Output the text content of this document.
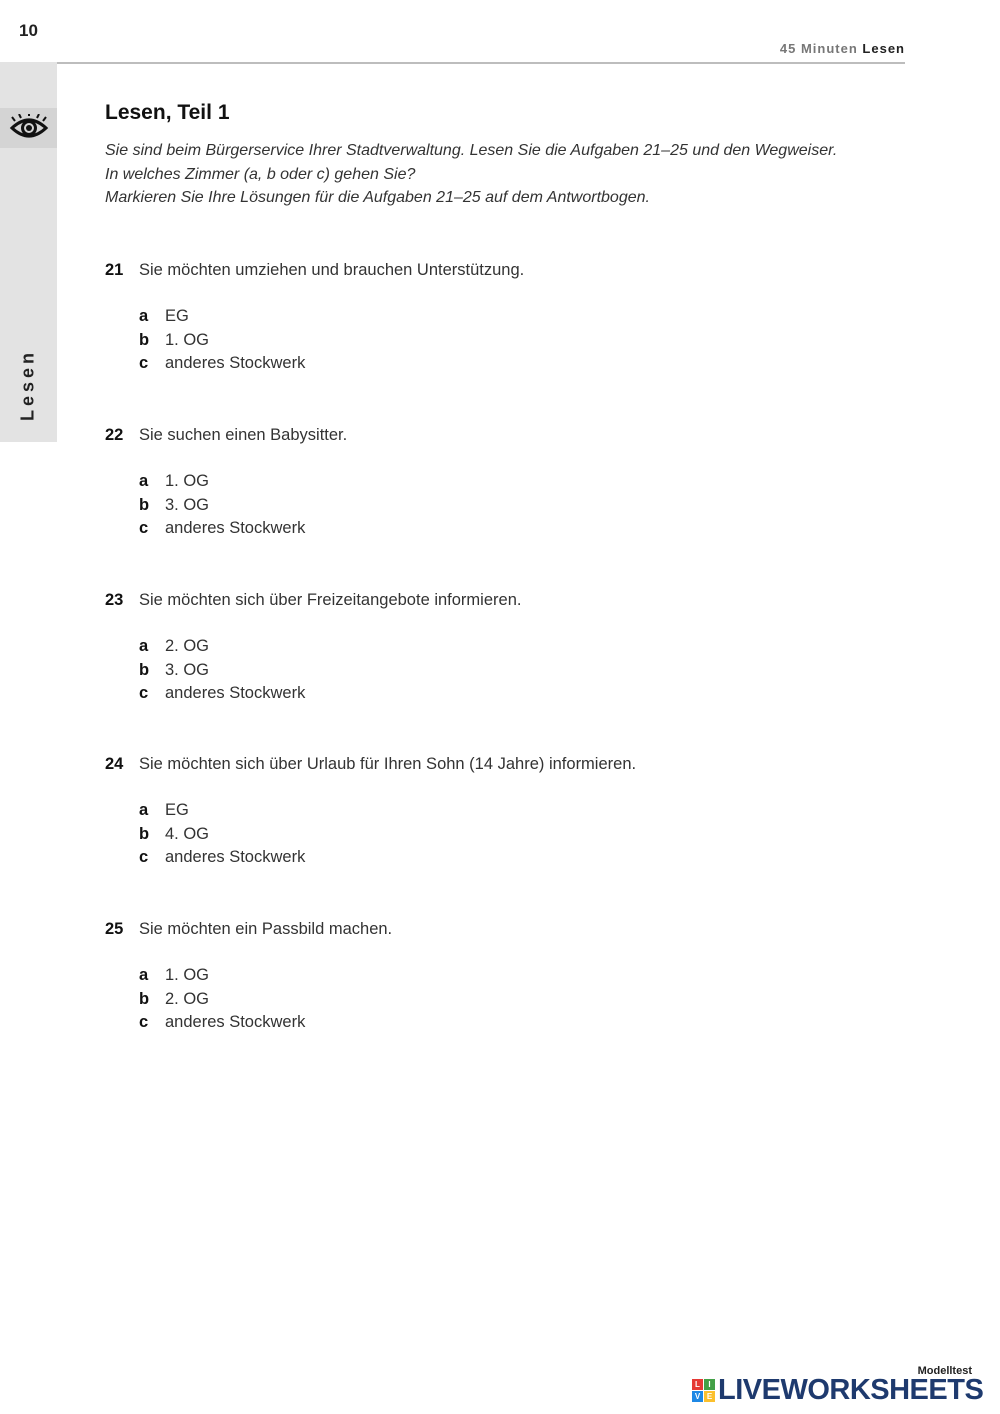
10
Lesen
45 Minuten Lesen
Lesen, Teil 1
Sie sind beim Bürgerservice Ihrer Stadtverwaltung. Lesen Sie die Aufgaben 21–25 und den Wegweiser.
In welches Zimmer (a, b oder c) gehen Sie?
Markieren Sie Ihre Lösungen für die Aufgaben 21–25 auf dem Antwortbogen.
21 Sie möchten umziehen und brauchen Unterstützung.
a EG
b 1. OG
c anderes Stockwerk
22 Sie suchen einen Babysitter.
a 1. OG
b 3. OG
c anderes Stockwerk
23 Sie möchten sich über Freizeitangebote informieren.
a 2. OG
b 3. OG
c anderes Stockwerk
24 Sie möchten sich über Urlaub für Ihren Sohn (14 Jahre) informieren.
a EG
b 4. OG
c anderes Stockwerk
25 Sie möchten ein Passbild machen.
a 1. OG
b 2. OG
c anderes Stockwerk
Modelltest
L	I
V E LIVEWORKSHEETS
